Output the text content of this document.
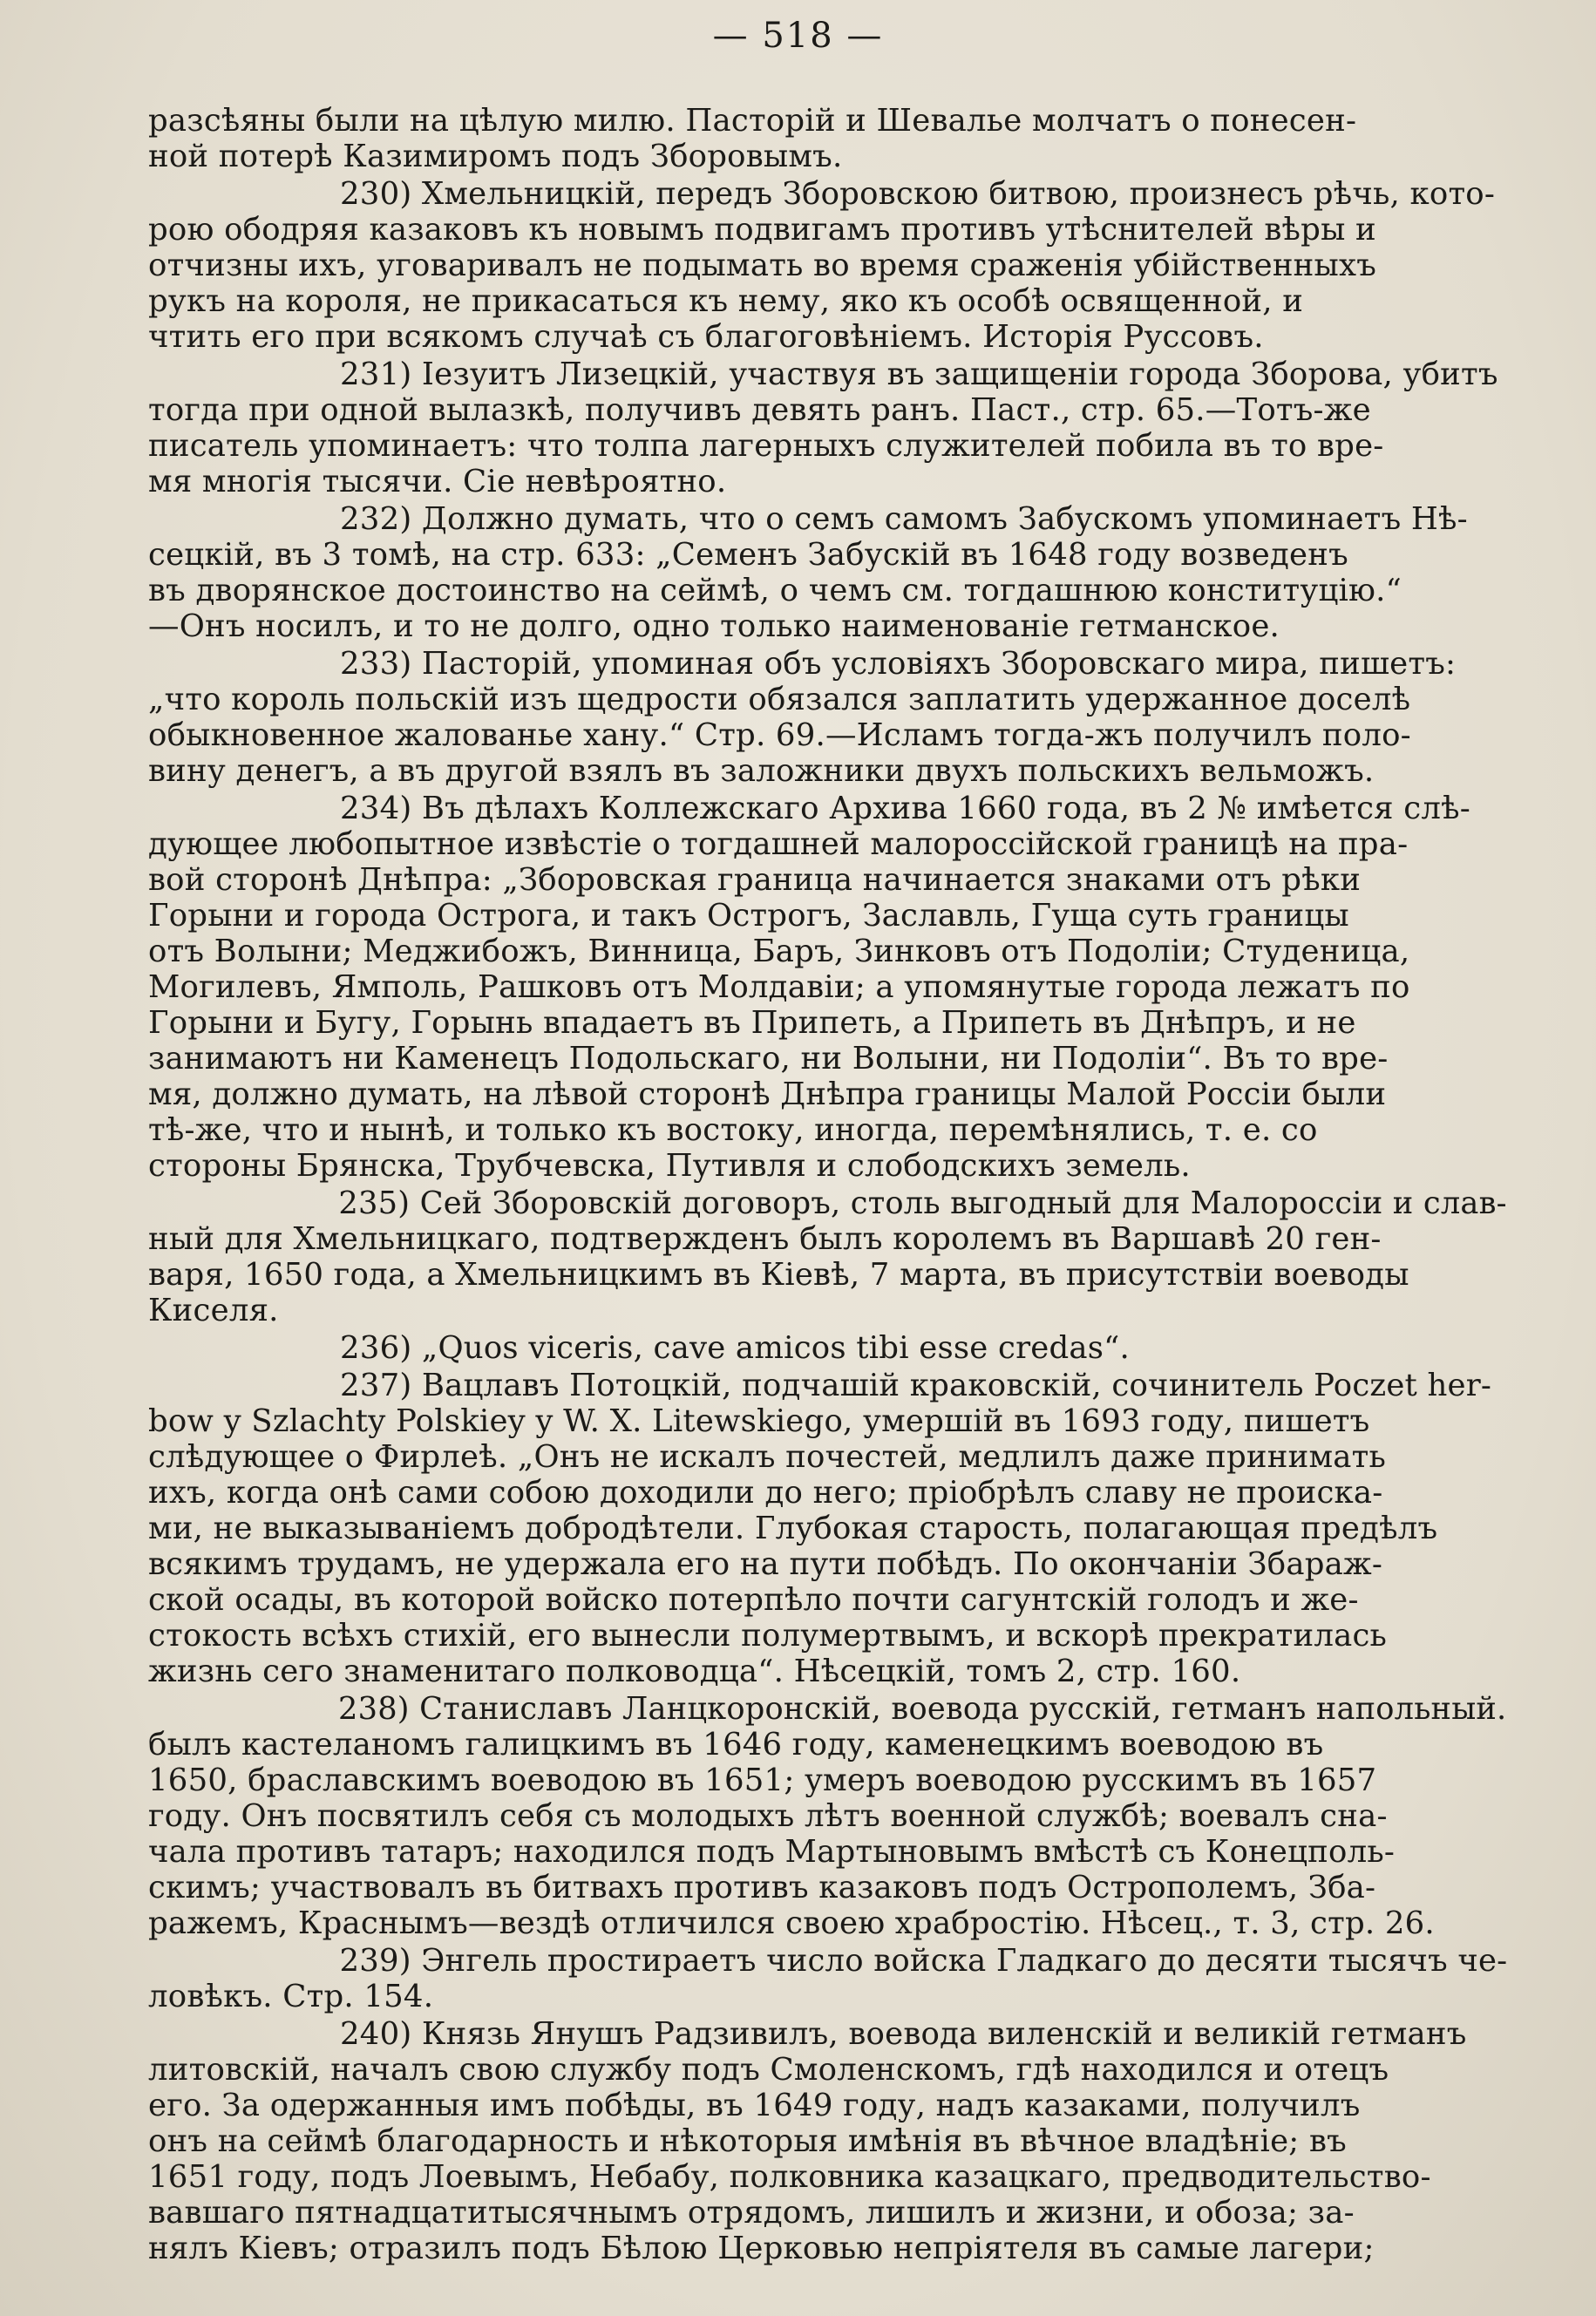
— 518 —
разсѣяны были на цѣлую милю. Пасторій и Шевалье молчатъ о понесен-
ной потерѣ Казимиромъ подъ Зборовымъ.
230) Хмельницкій, передъ Зборовскою битвою, произнесъ рѣчь, кото-
рою ободряя казаковъ къ новымъ подвигамъ противъ утѣснителей вѣры и
отчизны ихъ, уговаривалъ не подымать во время сраженія убійственныхъ
рукъ на короля, не прикасаться къ нему, яко къ особѣ освященной, и
чтить его при всякомъ случаѣ съ благоговѣніемъ. Исторія Руссовъ.
231) Іезуитъ Лизецкій, участвуя въ защищеніи города Зборова, убитъ
тогда при одной вылазкѣ, получивъ девять ранъ. Паст., стр. 65.—Тотъ-же
писатель упоминаетъ: что толпа лагерныхъ служителей побила въ то вре-
мя многія тысячи. Сіе невѣроятно.
232) Должно думать, что о семъ самомъ Забускомъ упоминаетъ Нѣ-
сецкій, въ 3 томѣ, на стр. 633: „Семенъ Забускій въ 1648 году возведенъ
въ дворянское достоинство на сеймѣ, о чемъ см. тогдашнюю конституцію.“
—Онъ носилъ, и то не долго, одно только наименованіе гетманское.
233) Пасторій, упоминая объ условіяхъ Зборовскаго мира, пишетъ:
„что король польскій изъ щедрости обязался заплатить удержанное доселѣ
обыкновенное жалованье хану.“ Стр. 69.—Исламъ тогда-жъ получилъ поло-
вину денегъ, а въ другой взялъ въ заложники двухъ польскихъ вельможъ.
234) Въ дѣлахъ Коллежскаго Архива 1660 года, въ 2 № имѣется слѣ-
дующее любопытное извѣстіе о тогдашней малороссійской границѣ на пра-
вой сторонѣ Днѣпра: „Зборовская граница начинается знаками отъ рѣки
Горыни и города Острога, и такъ Острогъ, Заславль, Гуща суть границы
отъ Волыни; Меджибожъ, Винница, Баръ, Зинковъ отъ Подоліи; Студеница,
Могилевъ, Ямполь, Рашковъ отъ Молдавіи; а упомянутые города лежатъ по
Горыни и Бугу, Горынь впадаетъ въ Припеть, а Припеть въ Днѣпръ, и не
занимаютъ ни Каменецъ Подольскаго, ни Волыни, ни Подоліи“. Въ то вре-
мя, должно думать, на лѣвой сторонѣ Днѣпра границы Малой Россіи были
тѣ-же, что и нынѣ, и только къ востоку, иногда, перемѣнялись, т. е. со
стороны Брянска, Трубчевска, Путивля и слободскихъ земель.
235) Сей Зборовскій договоръ, столь выгодный для Малороссіи и слав-
ный для Хмельницкаго, подтвержденъ былъ королемъ въ Варшавѣ 20 ген-
варя, 1650 года, а Хмельницкимъ въ Кіевѣ, 7 марта, въ присутствіи воеводы
Киселя.
236) „Quos viceris, cave amicos tibi esse credas“.
237) Вацлавъ Потоцкій, подчашій краковскій, сочинитель Poczet her-
bow y Szlachty Polskiey y W. X. Litewskiego, умершій въ 1693 году, пишетъ
слѣдующее о Фирлеѣ. „Онъ не искалъ почестей, медлилъ даже принимать
ихъ, когда онѣ сами собою доходили до него; пріобрѣлъ славу не происка-
ми, не выказываніемъ добродѣтели. Глубокая старость, полагающая предѣлъ
всякимъ трудамъ, не удержала его на пути побѣдъ. По окончаніи Збараж-
ской осады, въ которой войско потерпѣло почти сагунтскій голодъ и же-
стокость всѣхъ стихій, его вынесли полумертвымъ, и вскорѣ прекратилась
жизнь сего знаменитаго полководца“. Нѣсецкій, томъ 2, стр. 160.
238) Станиславъ Ланцкоронскій, воевода русскій, гетманъ напольный.
былъ кастеланомъ галицкимъ въ 1646 году, каменецкимъ воеводою въ
1650, браславскимъ воеводою въ 1651; умеръ воеводою русскимъ въ 1657
году. Онъ посвятилъ себя съ молодыхъ лѣтъ военной службѣ; воевалъ сна-
чала противъ татаръ; находился подъ Мартыновымъ вмѣстѣ съ Конецполь-
скимъ; участвовалъ въ битвахъ противъ казаковъ подъ Острополемъ, Зба-
ражемъ, Краснымъ—вездѣ отличился своею храбростію. Нѣсец., т. 3, стр. 26.
239) Энгель простираетъ число войска Гладкаго до десяти тысячъ че-
ловѣкъ. Стр. 154.
240) Князь Янушъ Радзивилъ, воевода виленскій и великій гетманъ
литовскій, началъ свою службу подъ Смоленскомъ, гдѣ находился и отецъ
его. За одержанныя имъ побѣды, въ 1649 году, надъ казаками, получилъ
онъ на сеймѣ благодарность и нѣкоторыя имѣнія въ вѣчное владѣніе; въ
1651 году, подъ Лоевымъ, Небабу, полковника казацкаго, предводительство-
вавшаго пятнадцатитысячнымъ отрядомъ, лишилъ и жизни, и обоза; за-
нялъ Кіевъ; отразилъ подъ Бѣлою Церковью непріятеля въ самые лагери;
